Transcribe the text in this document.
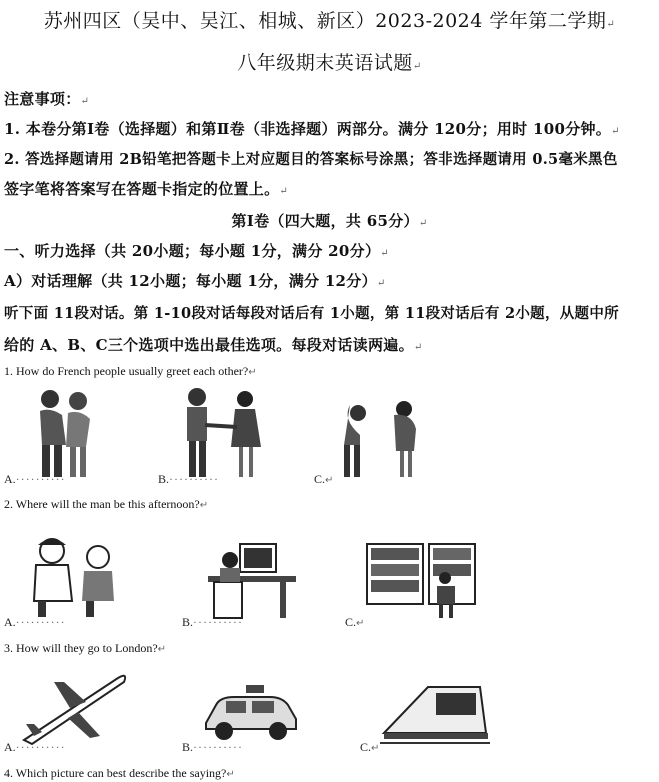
苏州四区（吴中、吴江、相城、新区）2023-2024 学年第二学期↵
八年级期末英语试题↵
注意事项：↵
1. 本卷分第Ⅰ卷（选择题）和第Ⅱ卷（非选择题）两部分。满分 120分；用时 100分钟。↵
2. 答选择题请用 2B铅笔把答题卡上对应题目的答案标号涂黑；答非选择题请用 0.5毫米黑色
签字笔将答案写在答题卡指定的位置上。↵
第Ⅰ卷（四大题，共 65分）↵
一、听力选择（共 20小题；每小题 1分，满分 20分）↵
A）对话理解（共 12小题；每小题 1分，满分 12分）↵
听下面 11段对话。第 1-10段对话每段对话后有 1小题，第 11段对话后有 2小题，从题中所
给的 A、B、C三个选项中选出最佳选项。每段对话读两遍。↵
1. How do French people usually greet each other?↵
A.··········	B.··········	C.↵
2. Where will the man be this afternoon?↵
A.··········	B.··········	C.↵
3. How will they go to London?↵
A.··········	B.··········	C.↵
4. Which picture can best describe the saying?↵
